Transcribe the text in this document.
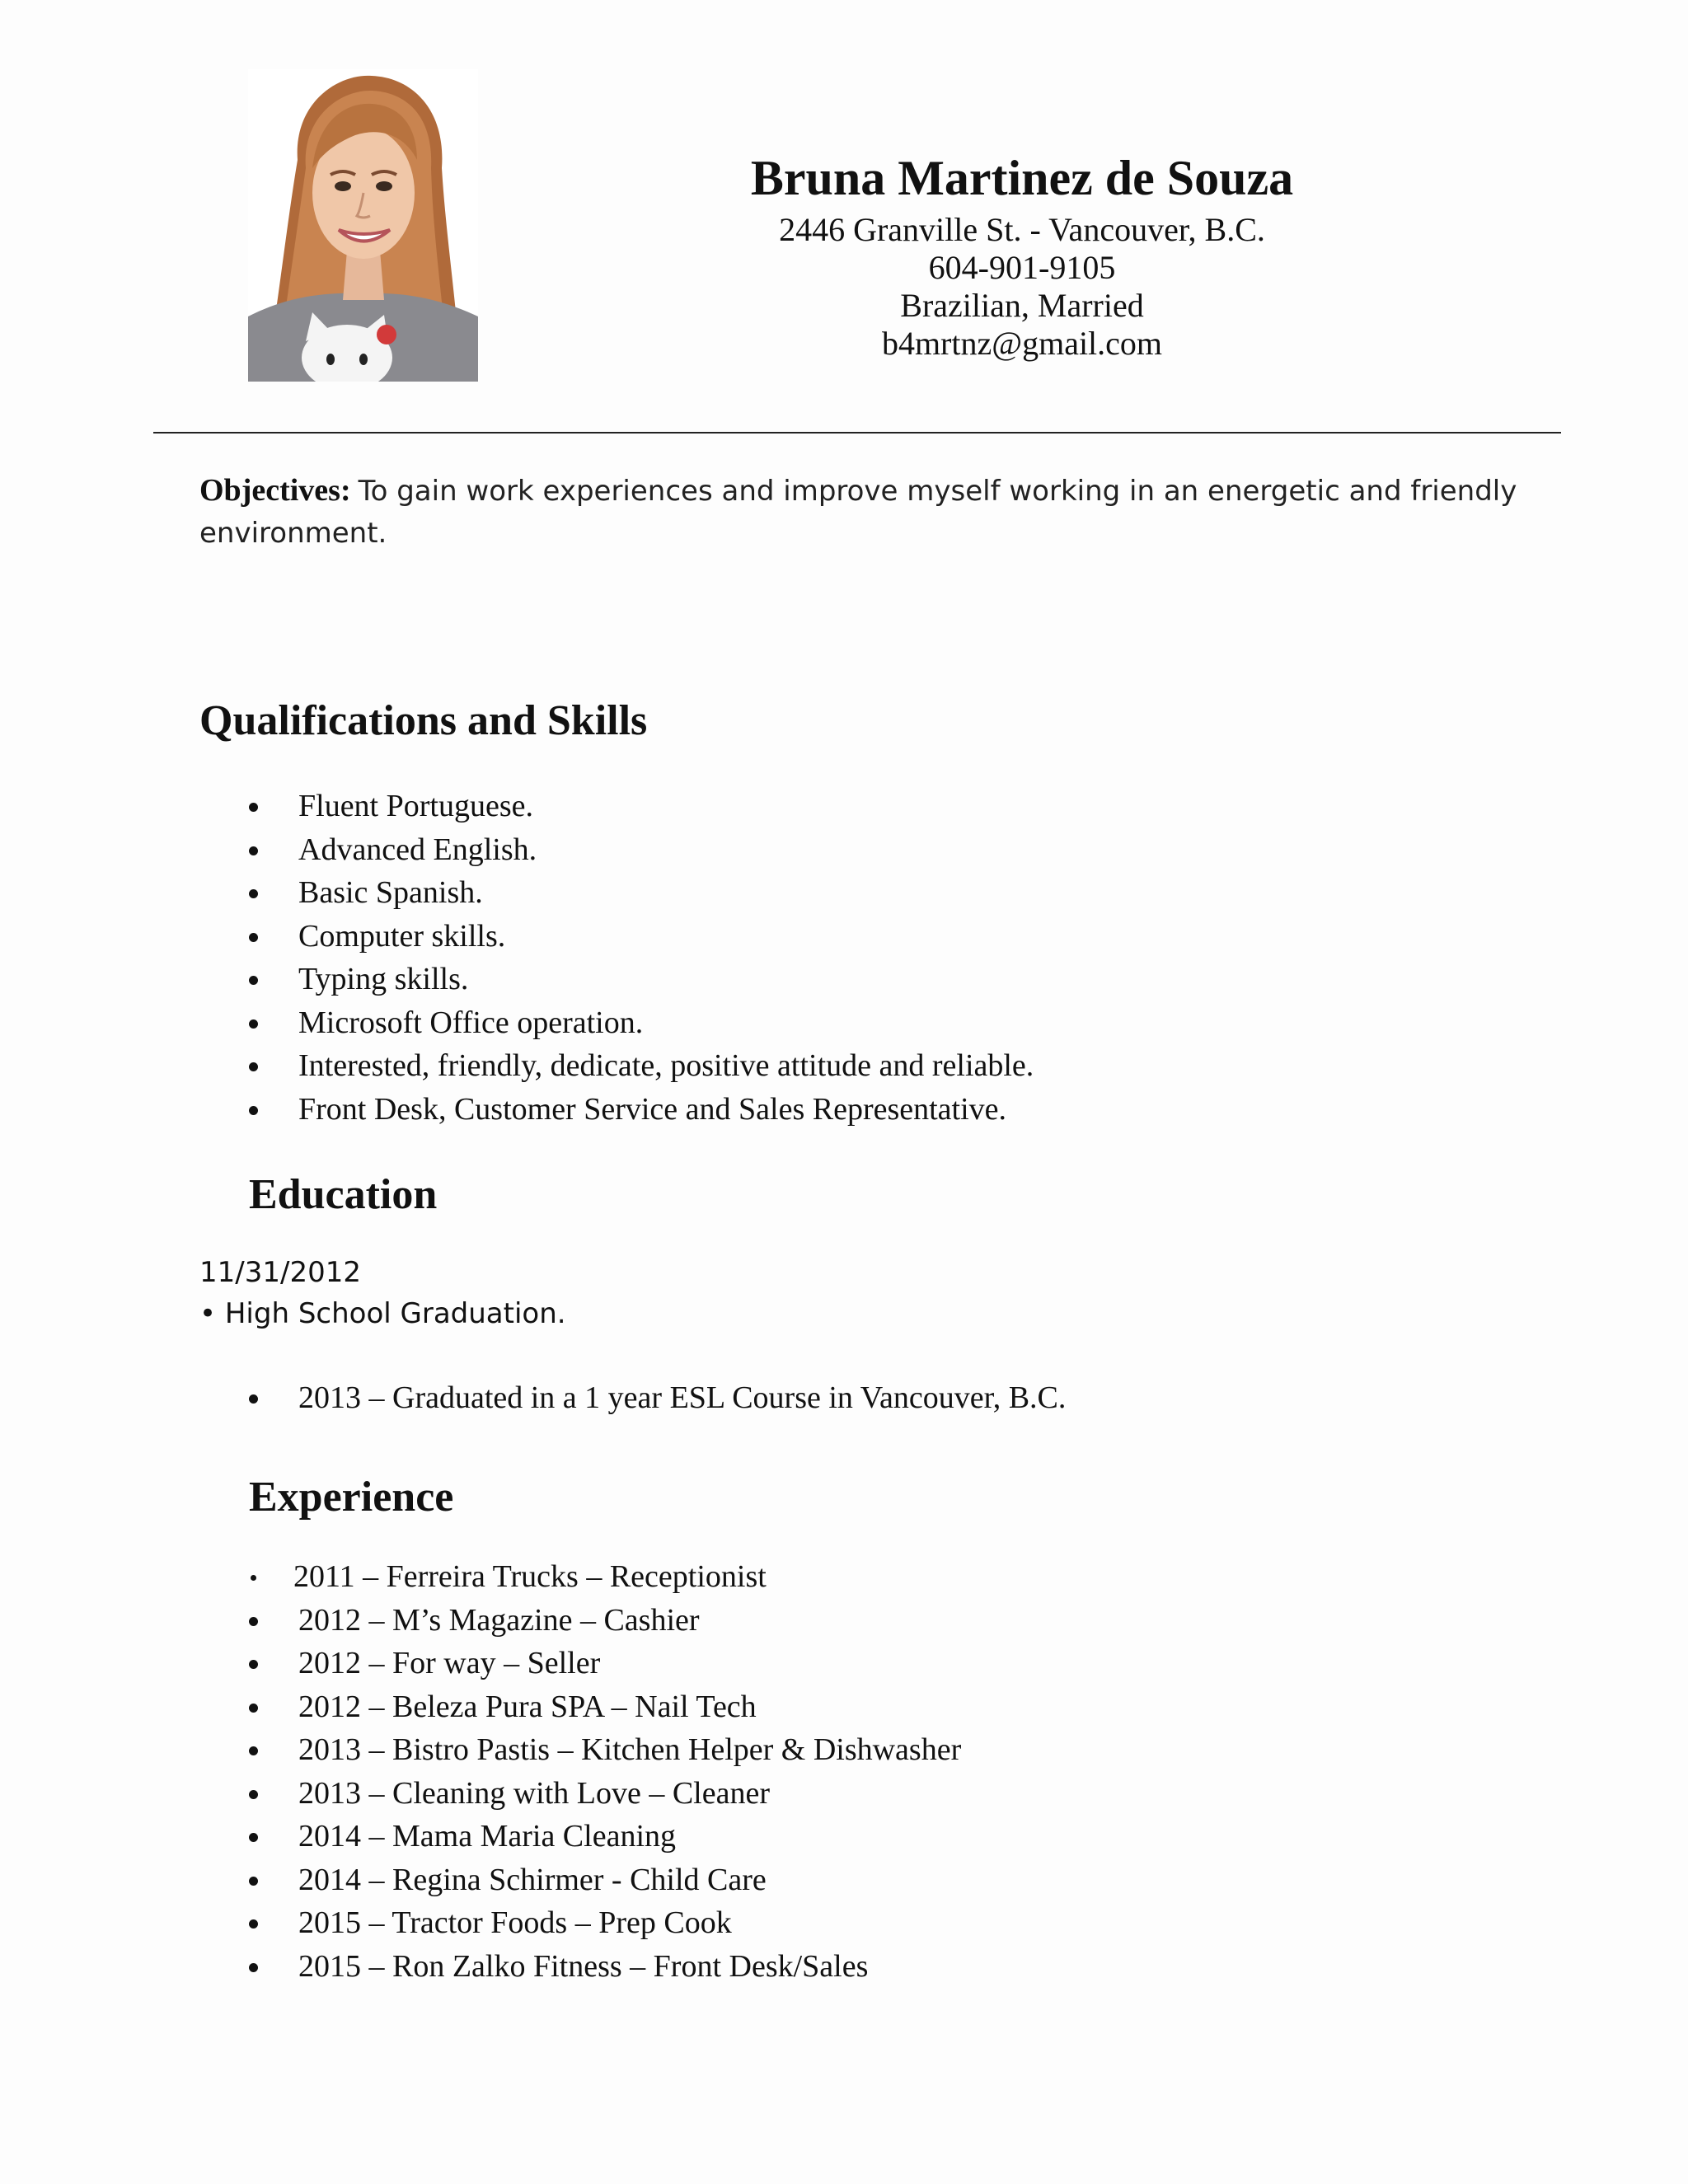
Bruna Martinez de Souza

2446 Granville St. - Vancouver, B.C.

604-901-9105

Brazilian, Married

b4mrtnz@gmail.com

Objectives: To gain work experiences and improve myself working in an energetic and friendly environment.
Qualifications and Skills
Fluent Portuguese.
Advanced English.
Basic Spanish.
Computer skills.
Typing skills.
Microsoft Office operation.
Interested, friendly, dedicate, positive attitude and reliable.
Front Desk, Customer Service and Sales Representative.
Education
11/31/2012
• High School Graduation.
2013 – Graduated in a 1 year ESL Course in Vancouver, B.C.
Experience
2011 – Ferreira Trucks – Receptionist
2012 – M’s Magazine – Cashier
2012 – For way – Seller
2012 – Beleza Pura SPA – Nail Tech
2013 – Bistro Pastis – Kitchen Helper & Dishwasher
2013 – Cleaning with Love – Cleaner
2014 – Mama Maria Cleaning
2014 – Regina Schirmer - Child Care
2015 – Tractor Foods – Prep Cook
2015 – Ron Zalko Fitness – Front Desk/Sales
